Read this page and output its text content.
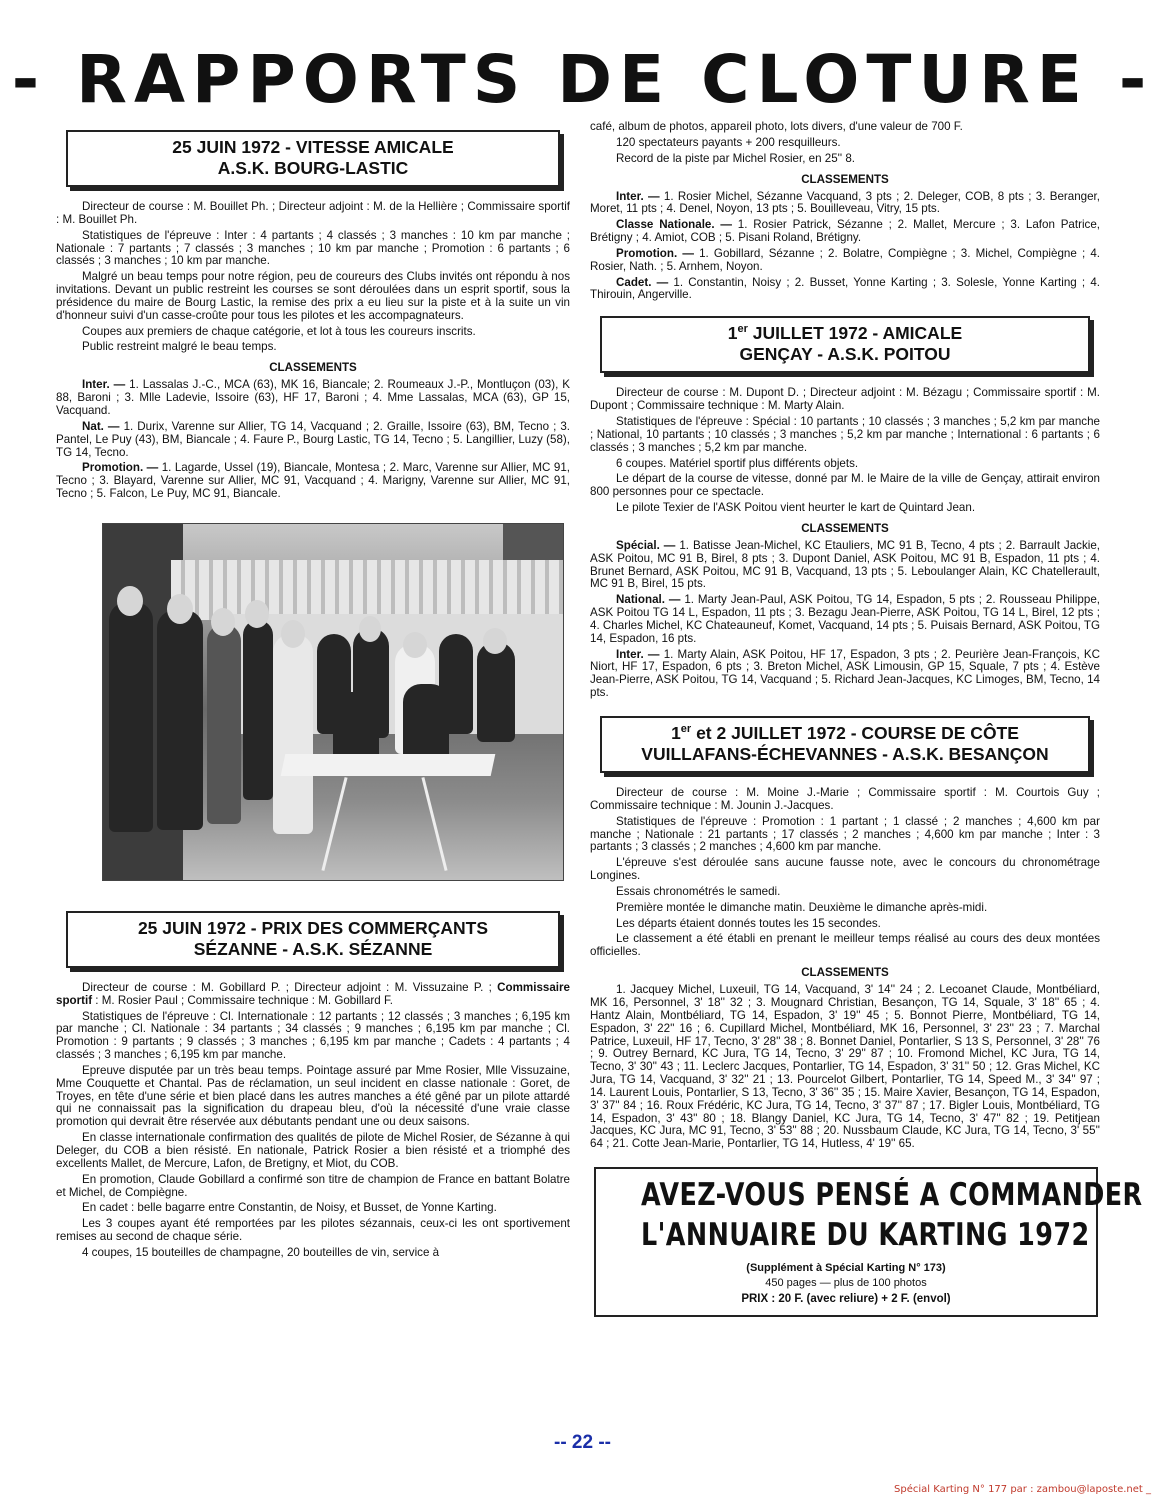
- RAPPORTS DE CLOTURE -
25 JUIN 1972 - VITESSE AMICALE
A.S.K. BOURG-LASTIC

Directeur de course : M. Bouillet Ph. ; Directeur adjoint : M. de la Hellière ; Commissaire sportif : M. Bouillet Ph.

Statistiques de l'épreuve : Inter : 4 partants ; 4 classés ; 3 manches : 10 km par manche ; Nationale : 7 partants ; 7 classés ; 3 manches ; 10 km par manche ; Promotion : 6 partants ; 6 classés ; 3 manches ; 10 km par manche.

Malgré un beau temps pour notre région, peu de coureurs des Clubs invités ont répondu à nos invitations. Devant un public restreint les courses se sont déroulées dans un esprit sportif, sous la présidence du maire de Bourg Lastic, la remise des prix a eu lieu sur la piste et à la suite un vin d'honneur suivi d'un casse-croûte pour tous les pilotes et les accompagnateurs.

Coupes aux premiers de chaque catégorie, et lot à tous les coureurs inscrits.

Public restreint malgré le beau temps.

CLASSEMENTS

Inter. — 1. Lassalas J.-C., MCA (63), MK 16, Biancale; 2. Roumeaux J.-P., Montluçon (03), K 88, Baroni ; 3. Mlle Ladevie, Issoire (63), HF 17, Baroni ; 4. Mme Lassalas, MCA (63), GP 15, Vacquand.

Nat. — 1. Durix, Varenne sur Allier, TG 14, Vacquand ; 2. Graille, Issoire (63), BM, Tecno ; 3. Pantel, Le Puy (43), BM, Biancale ; 4. Faure P., Bourg Lastic, TG 14, Tecno ; 5. Langillier, Luzy (58), TG 14, Tecno.

Promotion. — 1. Lagarde, Ussel (19), Biancale, Montesa ; 2. Marc, Varenne sur Allier, MC 91, Tecno ; 3. Blayard, Varenne sur Allier, MC 91, Vacquand ; 4. Marigny, Varenne sur Allier, MC 91, Tecno ; 5. Falcon, Le Puy, MC 91, Biancale.

25 JUIN 1972 - PRIX DES COMMERÇANTS
SÉZANNE - A.S.K. SÉZANNE

Directeur de course : M. Gobillard P. ; Directeur adjoint : M. Vissuzaine P. ; Commissaire sportif : M. Rosier Paul ; Commissaire technique : M. Gobillard F.

Statistiques de l'épreuve : Cl. Internationale : 12 partants ; 12 classés ; 3 manches ; 6,195 km par manche ; Cl. Nationale : 34 partants ; 34 classés ; 9 manches ; 6,195 km par manche ; Cl. Promotion : 9 partants ; 9 classés ; 3 manches ; 6,195 km par manche ; Cadets : 4 partants ; 4 classés ; 3 manches ; 6,195 km par manche.

Epreuve disputée par un très beau temps. Pointage assuré par Mme Rosier, Mlle Vissuzaine, Mme Couquette et Chantal. Pas de réclamation, un seul incident en classe nationale : Goret, de Troyes, en tête d'une série et bien placé dans les autres manches a été gêné par un pilote attardé qui ne connaissait pas la signification du drapeau bleu, d'où la nécessité d'une vraie classe promotion qui devrait être réservée aux débutants pendant une ou deux saisons.

En classe internationale confirmation des qualités de pilote de Michel Rosier, de Sézanne à qui Deleger, du COB a bien résisté. En nationale, Patrick Rosier a bien résisté et a triomphé des excellents Mallet, de Mercure, Lafon, de Bretigny, et Miot, du COB.

En promotion, Claude Gobillard a confirmé son titre de champion de France en battant Bolatre et Michel, de Compiègne.

En cadet : belle bagarre entre Constantin, de Noisy, et Busset, de Yonne Karting.

Les 3 coupes ayant été remportées par les pilotes sézannais, ceux-ci les ont sportivement remises au second de chaque série.

4 coupes, 15 bouteilles de champagne, 20 bouteilles de vin, service à

café, album de photos, appareil photo, lots divers, d'une valeur de 700 F.

120 spectateurs payants + 200 resquilleurs.

Record de la piste par Michel Rosier, en 25'' 8.

CLASSEMENTS

Inter. — 1. Rosier Michel, Sézanne Vacquand, 3 pts ; 2. Deleger, COB, 8 pts ; 3. Beranger, Moret, 11 pts ; 4. Denel, Noyon, 13 pts ; 5. Bouilleveau, Vitry, 15 pts.

Classe Nationale. — 1. Rosier Patrick, Sézanne ; 2. Mallet, Mercure ; 3. Lafon Patrice, Brétigny ; 4. Amiot, COB ; 5. Pisani Roland, Brétigny.

Promotion. — 1. Gobillard, Sézanne ; 2. Bolatre, Compiègne ; 3. Michel, Compiègne ; 4. Rosier, Nath. ; 5. Arnhem, Noyon.

Cadet. — 1. Constantin, Noisy ; 2. Busset, Yonne Karting ; 3. Solesle, Yonne Karting ; 4. Thirouin, Angerville.

1er JUILLET 1972 - AMICALE
GENÇAY - A.S.K. POITOU

Directeur de course : M. Dupont D. ; Directeur adjoint : M. Bézagu ; Commissaire sportif : M. Dupont ; Commissaire technique : M. Marty Alain.

Statistiques de l'épreuve : Spécial : 10 partants ; 10 classés ; 3 manches ; 5,2 km par manche ; National, 10 partants ; 10 classés ; 3 manches ; 5,2 km par manche ; International : 6 partants ; 6 classés ; 3 manches ; 5,2 km par manche.

6 coupes. Matériel sportif plus différents objets.

Le départ de la course de vitesse, donné par M. le Maire de la ville de Gençay, attirait environ 800 personnes pour ce spectacle.

Le pilote Texier de l'ASK Poitou vient heurter le kart de Quintard Jean.

CLASSEMENTS

Spécial. — 1. Batisse Jean-Michel, KC Etauliers, MC 91 B, Tecno, 4 pts ; 2. Barrault Jackie, ASK Poitou, MC 91 B, Birel, 8 pts ; 3. Dupont Daniel, ASK Poitou, MC 91 B, Espadon, 11 pts ; 4. Brunet Bernard, ASK Poitou, MC 91 B, Vacquand, 13 pts ; 5. Leboulanger Alain, KC Chatellerault, MC 91 B, Birel, 15 pts.

National. — 1. Marty Jean-Paul, ASK Poitou, TG 14, Espadon, 5 pts ; 2. Rousseau Philippe, ASK Poitou TG 14 L, Espadon, 11 pts ; 3. Bezagu Jean-Pierre, ASK Poitou, TG 14 L, Birel, 12 pts ; 4. Charles Michel, KC Chateauneuf, Komet, Vacquand, 14 pts ; 5. Puisais Bernard, ASK Poitou, TG 14, Espadon, 16 pts.

Inter. — 1. Marty Alain, ASK Poitou, HF 17, Espadon, 3 pts ; 2. Peurière Jean-François, KC Niort, HF 17, Espadon, 6 pts ; 3. Breton Michel, ASK Limousin, GP 15, Squale, 7 pts ; 4. Estève Jean-Pierre, ASK Poitou, TG 14, Vacquand ; 5. Richard Jean-Jacques, KC Limoges, BM, Tecno, 14 pts.

1er et 2 JUILLET 1972 - COURSE DE CÔTE
VUILLAFANS-ÉCHEVANNES - A.S.K. BESANÇON

Directeur de course : M. Moine J.-Marie ; Commissaire sportif : M. Courtois Guy ; Commissaire technique : M. Jounin J.-Jacques.

Statistiques de l'épreuve : Promotion : 1 partant ; 1 classé ; 2 manches ; 4,600 km par manche ; Nationale : 21 partants ; 17 classés ; 2 manches ; 4,600 km par manche ; Inter : 3 partants ; 3 classés ; 2 manches ; 4,600 km par manche.

L'épreuve s'est déroulée sans aucune fausse note, avec le concours du chronométrage Longines.

Essais chronométrés le samedi.

Première montée le dimanche matin. Deuxième le dimanche après-midi.

Les départs étaient donnés toutes les 15 secondes.

Le classement a été établi en prenant le meilleur temps réalisé au cours des deux montées officielles.

CLASSEMENTS

1. Jacquey Michel, Luxeuil, TG 14, Vacquand, 3' 14'' 24 ; 2. Lecoanet Claude, Montbéliard, MK 16, Personnel, 3' 18'' 32 ; 3. Mougnard Christian, Besançon, TG 14, Squale, 3' 18'' 65 ; 4. Hantz Alain, Montbéliard, TG 14, Espadon, 3' 19'' 45 ; 5. Bonnot Pierre, Montbéliard, TG 14, Espadon, 3' 22'' 16 ; 6. Cupillard Michel, Montbéliard, MK 16, Personnel, 3' 23'' 23 ; 7. Marchal Patrice, Luxeuil, HF 17, Tecno, 3' 28'' 38 ; 8. Bonnet Daniel, Pontarlier, S 13 S, Personnel, 3' 28'' 76 ; 9. Outrey Bernard, KC Jura, TG 14, Tecno, 3' 29'' 87 ; 10. Fromond Michel, KC Jura, TG 14, Tecno, 3' 30'' 43 ; 11. Leclerc Jacques, Pontarlier, TG 14, Espadon, 3' 31'' 50 ; 12. Gras Michel, KC Jura, TG 14, Vacquand, 3' 32'' 21 ; 13. Pourcelot Gilbert, Pontarlier, TG 14, Speed M., 3' 34'' 97 ; 14. Laurent Louis, Pontarlier, S 13, Tecno, 3' 36'' 35 ; 15. Maire Xavier, Besançon, TG 14, Espadon, 3' 37'' 84 ; 16. Roux Frédéric, KC Jura, TG 14, Tecno, 3' 37'' 87 ; 17. Bigler Louis, Montbéliard, TG 14, Espadon, 3' 43'' 80 ; 18. Blangy Daniel, KC Jura, TG 14, Tecno, 3' 47'' 82 ; 19. Petitjean Jacques, KC Jura, MC 91, Tecno, 3' 53'' 88 ; 20. Nussbaum Claude, KC Jura, TG 14, Tecno, 3' 55'' 64 ; 21. Cotte Jean-Marie, Pontarlier, TG 14, Hutless, 4' 19'' 65.

AVEZ-VOUS PENSÉ A COMMANDER
L'ANNUAIRE DU KARTING 1972
(Supplément à Spécial Karting N° 173)
450 pages — plus de 100 photos
PRIX : 20 F. (avec reliure) + 2 F. (envol)
-- 22 --
Spécial Karting N° 177 par : zambou@laposte.net _
